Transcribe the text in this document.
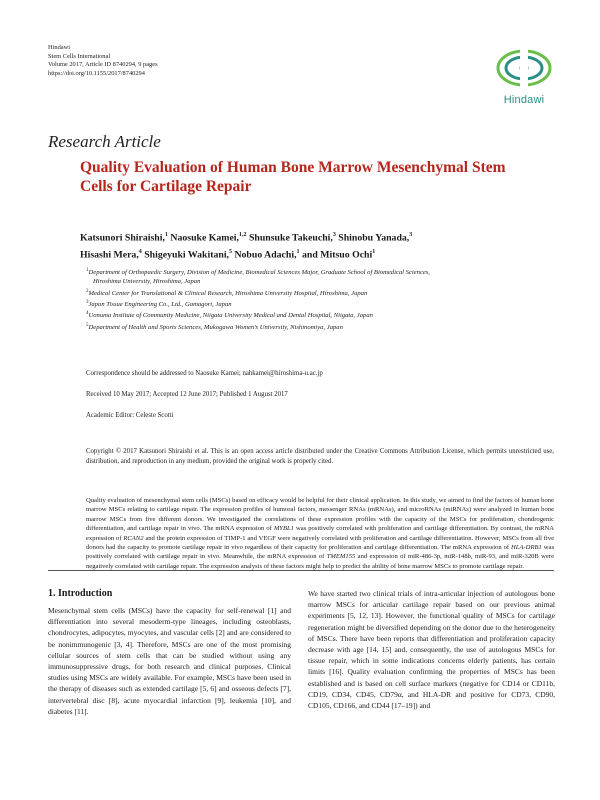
Hindawi
Stem Cells International
Volume 2017, Article ID 8740294, 9 pages
https://doi.org/10.1155/2017/8740294
Hindawi
Research Article
Quality Evaluation of Human Bone Marrow Mesenchymal Stem
Cells for Cartilage Repair
Katsunori Shiraishi,$^1$ Naosuke Kamei,$^{1,2}$ Shunsuke Takeuchi,$^3$ Shinobu Yanada,$^3$
Hisashi Mera,$^4$ Shigeyuki Wakitani,$^5$ Nobuo Adachi,$^1$ and Mitsuo Ochi$^1$
$^1$Department of Orthopaedic Surgery, Division of Medicine, Biomedical Sciences Major, Graduate School of Biomedical Sciences,
Hiroshima University, Hiroshima, Japan
$^2$Medical Center for Translational & Clinical Research, Hiroshima University Hospital, Hiroshima, Japan
$^3$Japan Tissue Engineering Co., Ltd., Gamagori, Japan
$^4$Uonuma Institute of Community Medicine, Niigata University Medical and Dental Hospital, Niigata, Japan
$^5$Department of Health and Sports Sciences, Mukogawa Women’s University, Nishinomiya, Japan
Correspondence should be addressed to Naosuke Kamei; nahkamei@hiroshima-u.ac.jp
Received 10 May 2017; Accepted 12 June 2017; Published 1 August 2017
Academic Editor: Celeste Scotti
Copyright © 2017 Katsunori Shiraishi et al. This is an open access article distributed under the Creative Commons Attribution License, which permits unrestricted use, distribution, and reproduction in any medium, provided the original work is properly cited.
Quality evaluation of mesenchymal stem cells (MSCs) based on efficacy would be helpful for their clinical application. In this study, we aimed to find the factors of human bone marrow MSCs relating to cartilage repair. The expression profiles of humoral factors, messenger RNAs (mRNAs), and microRNAs (miRNAs) were analyzed in human bone marrow MSCs from five different donors. We investigated the correlations of these expression profiles with the capacity of the MSCs for proliferation, chondrogenic differentiation, and cartilage repair in vivo. The mRNA expression of MYBL1 was positively correlated with proliferation and cartilage differentiation. By contrast, the mRNA expression of RCAN2 and the protein expression of TIMP-1 and VEGF were negatively correlated with proliferation and cartilage differentiation. However, MSCs from all five donors had the capacity to promote cartilage repair in vivo regardless of their capacity for proliferation and cartilage differentiation. The mRNA expression of HLA-DRB1 was positively correlated with cartilage repair in vivo. Meanwhile, the mRNA expression of TMEM155 and expression of miR-486-3p, miR-148b, miR-93, and miR-320B were negatively correlated with cartilage repair. The expression analysis of these factors might help to predict the ability of bone marrow MSCs to promote cartilage repair.
1. Introduction

Mesenchymal stem cells (MSCs) have the capacity for self-renewal [1] and differentiation into several mesoderm-type lineages, including osteoblasts, chondrocytes, adipocytes, myocytes, and vascular cells [2] and are considered to be nonimmunogenic [3, 4]. Therefore, MSCs are one of the most promising cellular sources of stem cells that can be studied without using any immunosuppressive drugs, for both research and clinical purposes. Clinical studies using MSCs are widely available. For example, MSCs have been used in the therapy of diseases such as extended cartilage [5, 6] and osseous defects [7], intervertebral disc [8], acute myocardial infarction [9], leukemia [10], and diabetes [11].

We have started two clinical trials of intra-articular injection of autologous bone marrow MSCs for articular cartilage repair based on our previous animal experiments [5, 12, 13]. However, the functional quality of MSCs for cartilage regeneration might be diversified depending on the donor due to the heterogeneity of MSCs. There have been reports that differentiation and proliferation capacity decrease with age [14, 15] and, consequently, the use of autologous MSCs for tissue repair, which in some indications concerns elderly patients, has certain limits [16]. Quality evaluation confirming the properties of MSCs has been established and is based on cell surface markers (negative for CD14 or CD11b, CD19, CD34, CD45, CD79α, and HLA-DR and positive for CD73, CD90, CD105, CD166, and CD44 [17–19]) and
